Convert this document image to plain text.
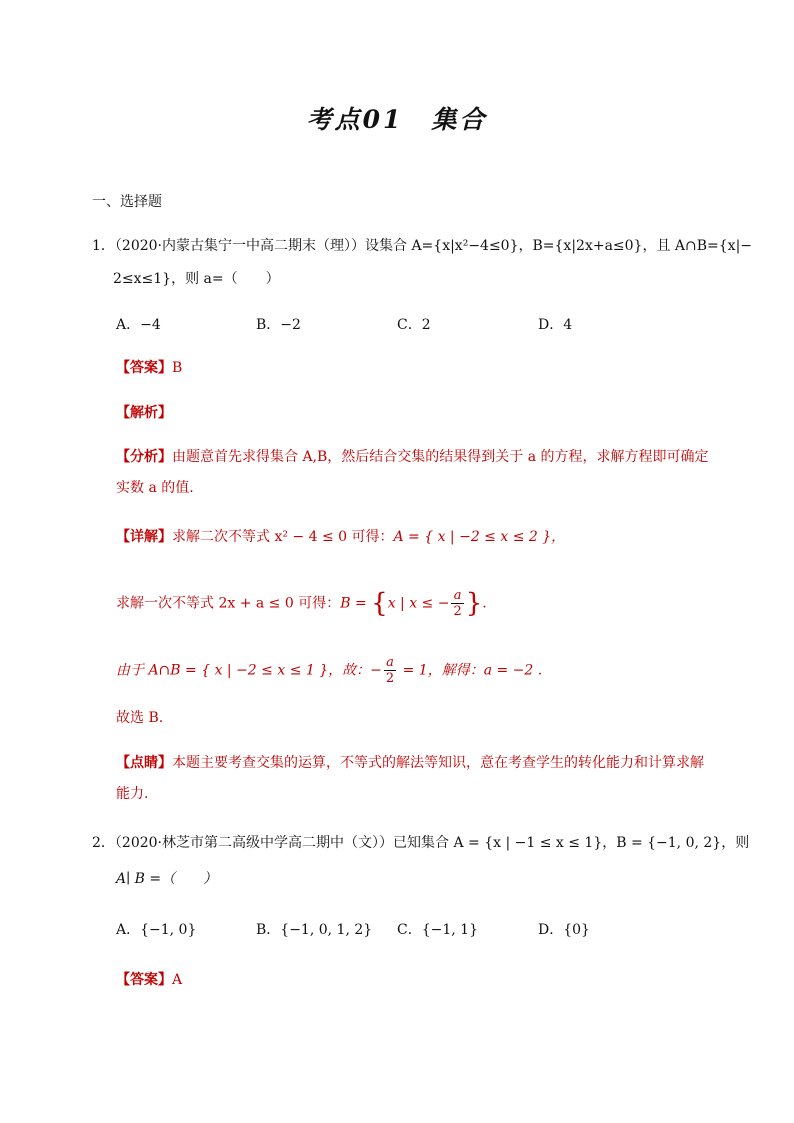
考点01　集合
一、选择题
1．（2020·内蒙古集宁一中高二期末（理））设集合 A={x|x²−4≤0}，B={x|2x+a≤0}，且 A∩B={x|−
2≤x≤1}，则 a=（　　）
A．−4	B．−2	C．2	D．4
【答案】B
【解析】
【分析】由题意首先求得集合 A,B，然后结合交集的结果得到关于 a 的方程，求解方程即可确定
实数 a 的值.
【详解】求解二次不等式 x² − 4 ≤ 0 可得：A = { x | −2 ≤ x ≤ 2 }，
求解一次不等式 2x + a ≤ 0 可得：B = {x | x ≤ − $\frac{a}{2}$ }.
由于 A∩B = { x | −2 ≤ x ≤ 1 }，故：− $\frac{a}{2} = 1$，解得：a = −2 .
故选 B.
【点睛】本题主要考查交集的运算，不等式的解法等知识，意在考查学生的转化能力和计算求解
能力.
2．（2020·林芝市第二高级中学高二期中（文））已知集合 A = {x | −1 ≤ x ≤ 1}，B = {−1, 0, 2}，则
A∣ B =（　　）
A．{−1, 0}	B．{−1, 0, 1, 2} C．{−1, 1}	D．{0}
【答案】A
